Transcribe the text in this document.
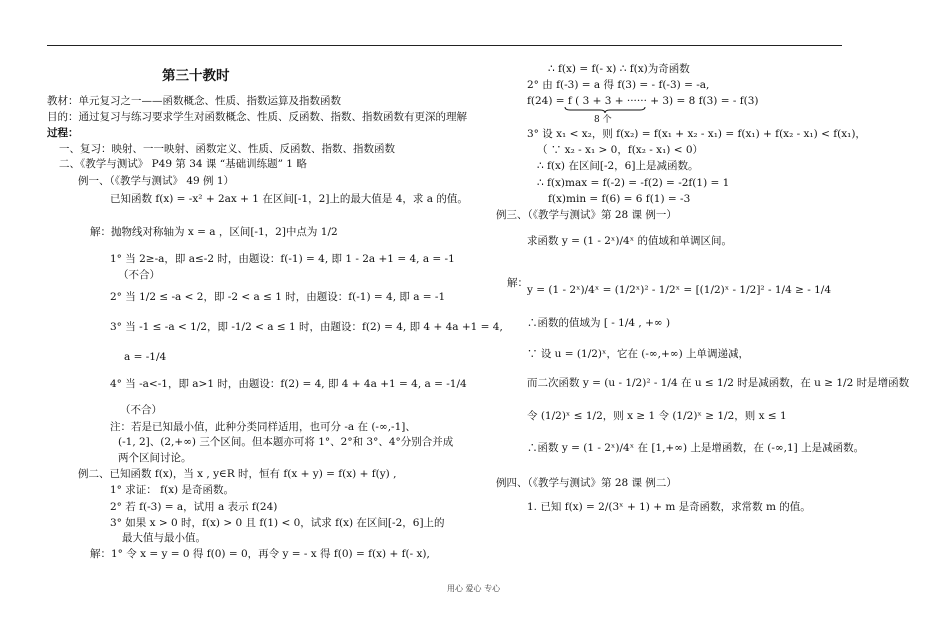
第三十教时
教材：单元复习之一——函数概念、性质、指数运算及指数函数
目的：通过复习与练习要求学生对函数概念、性质、反函数、指数、指数函数有更深的理解
过程：
一、复习：映射、一一映射、函数定义、性质、反函数、指数、指数函数
二、《教学与测试》 P49 第 34 课 “基础训练题” 1 略
例一、（《教学与测试》 49 例 1）
已知函数 f(x) = -x² + 2ax + 1 在区间[-1，2]上的最大值是 4，求 a 的值。
解：抛物线对称轴为 x = a ，区间[-1，2]中点为 1/2
1° 当 2≥-a，即 a≤-2 时，由题设：f(-1) = 4, 即 1 - 2a +1 = 4, a = -1
（不合）
2° 当 1/2 ≤ -a < 2，即 -2 < a ≤ 1 时，由题设：f(-1) = 4, 即 a = -1
3° 当 -1 ≤ -a < 1/2，即 -1/2 < a ≤ 1 时，由题设：f(2) = 4, 即 4 + 4a +1 = 4,
a = -1/4
4° 当 -a<-1，即 a>1 时，由题设：f(2) = 4, 即 4 + 4a +1 = 4, a = -1/4
（不合）
注：若是已知最小值，此种分类同样适用，也可分 -a 在 (-∞,-1]、
(-1, 2]、(2,+∞) 三个区间。但本题亦可将 1°、2°和 3°、4°分别合并成
两个区间讨论。
例二、已知函数 f(x)，当 x , y∈R 时，恒有 f(x + y) = f(x) + f(y) ,
1° 求证： f(x) 是奇函数。
2° 若 f(-3) = a，试用 a 表示 f(24)
3° 如果 x > 0 时，f(x) > 0 且 f(1) < 0，试求 f(x) 在区间[-2，6]上的
最大值与最小值。
解：1° 令 x = y = 0 得 f(0) = 0，再令 y = - x 得 f(0) = f(x) + f(- x),
∴ f(x) = f(- x) ∴ f(x)为奇函数
2° 由 f(-3) = a 得 f(3) = - f(-3) = -a,
f(24) = f ( 3 + 3 + ······ + 3) = 8 f(3) = - f(3)
8 个
3° 设 x₁ < x₂，则 f(x₂) = f(x₁ + x₂ - x₁) = f(x₁) + f(x₂ - x₁) < f(x₁)，
（ ∵ x₂ - x₁ > 0，f(x₂ - x₁) < 0）
∴ f(x) 在区间[-2，6]上是减函数。
∴ f(x)max = f(-2) = -f(2) = -2f(1) = 1
f(x)min = f(6) = 6 f(1) = -3
例三、（《教学与测试》第 28 课 例一）
求函数 y = (1 - 2ˣ)/4ˣ 的值域和单调区间。
解：
y = (1 - 2ˣ)/4ˣ = (1/2ˣ)² - 1/2ˣ = [(1/2)ˣ - 1/2]² - 1/4 ≥ - 1/4
∴函数的值域为 [ - 1/4 , +∞ )
∵ 设 u = (1/2)ˣ，它在 (-∞,+∞) 上单调递减，
而二次函数 y = (u - 1/2)² - 1/4 在 u ≤ 1/2 时是减函数，在 u ≥ 1/2 时是增函数
令 (1/2)ˣ ≤ 1/2，则 x ≥ 1 令 (1/2)ˣ ≥ 1/2，则 x ≤ 1
∴函数 y = (1 - 2ˣ)/4ˣ 在 [1,+∞) 上是增函数，在 (-∞,1] 上是减函数。
例四、（《教学与测试》第 28 课 例二）
1. 已知 f(x) = 2/(3ˣ + 1) + m 是奇函数，求常数 m 的值。
用心 爱心 专心
